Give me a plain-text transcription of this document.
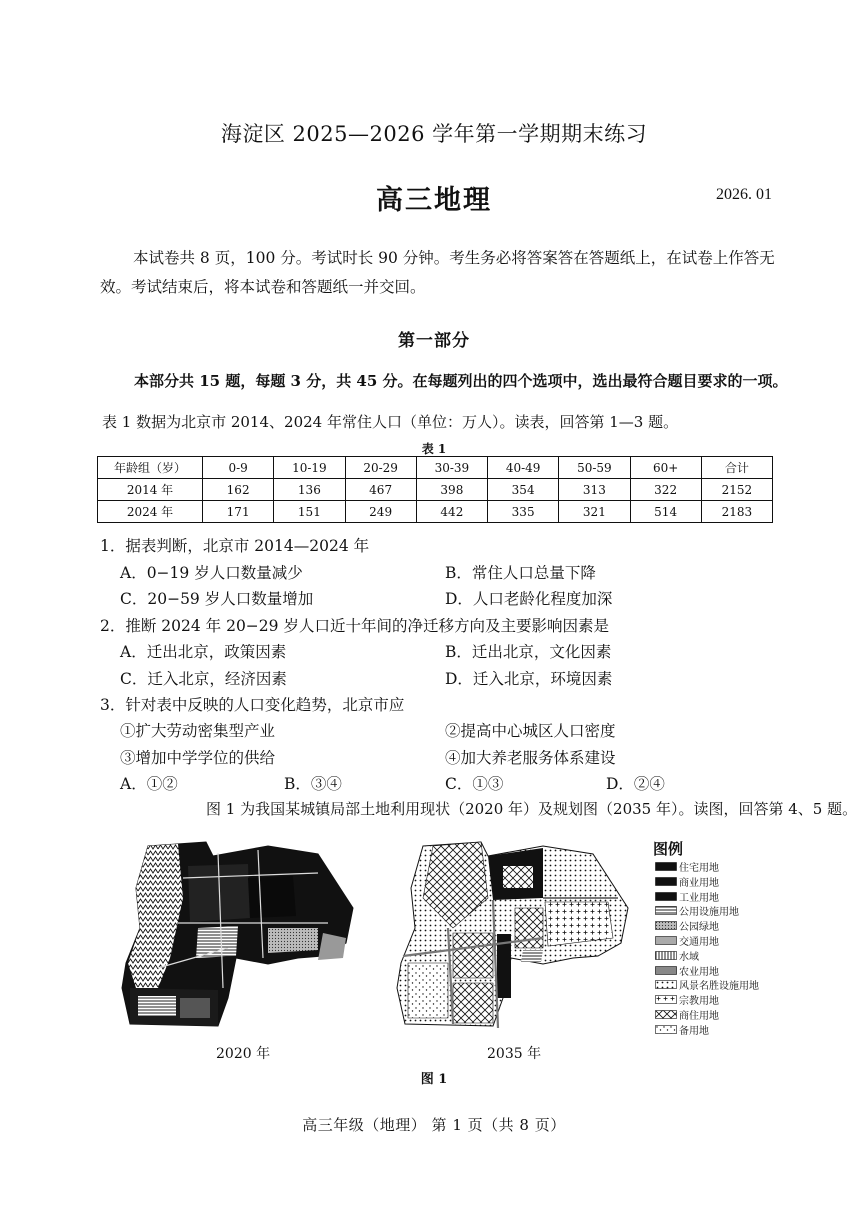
海淀区 2025—2026 学年第一学期期末练习
高三地理	2026. 01
本试卷共 8 页，100 分。考试时长 90 分钟。考生务必将答案答在答题纸上，在试卷上作答无效。考试结束后，将本试卷和答题纸一并交回。
第一部分
本部分共 15 题，每题 3 分，共 45 分。在每题列出的四个选项中，选出最符合题目要求的一项。
表 1 数据为北京市 2014、2024 年常住人口（单位：万人）。读表，回答第 1—3 题。
表 1
年龄组（岁）	0-9	10-19	20-29	30-39	40-49	50-59	60+	合计
2014 年	162	136	467	398	354	313	322	2152
2024 年	171	151	249	442	335	321	514	2183
1．据表判断，北京市 2014—2024 年
A．0−19 岁人口数量减少	B．常住人口总量下降
C．20−59 岁人口数量增加	D．人口老龄化程度加深
2．推断 2024 年 20−29 岁人口近十年间的净迁移方向及主要影响因素是
A．迁出北京，政策因素	B．迁出北京，文化因素
C．迁入北京，经济因素	D．迁入北京，环境因素
3．针对表中反映的人口变化趋势，北京市应
①扩大劳动密集型产业	②提高中心城区人口密度
③增加中学学位的供给	④加大养老服务体系建设
A．①②	B．③④	C．①③	D．②④
图 1 为我国某城镇局部土地利用现状（2020 年）及规划图（2035 年）。读图，回答第 4、5 题。
2020 年	2035 年
图例
住宅用地
商业用地
工业用地
公用设施用地
公园绿地
交通用地
水域
农业用地
风景名胜设施用地
宗教用地
商住用地
备用地
图 1
高三年级（地理） 第 1 页（共 8 页）
